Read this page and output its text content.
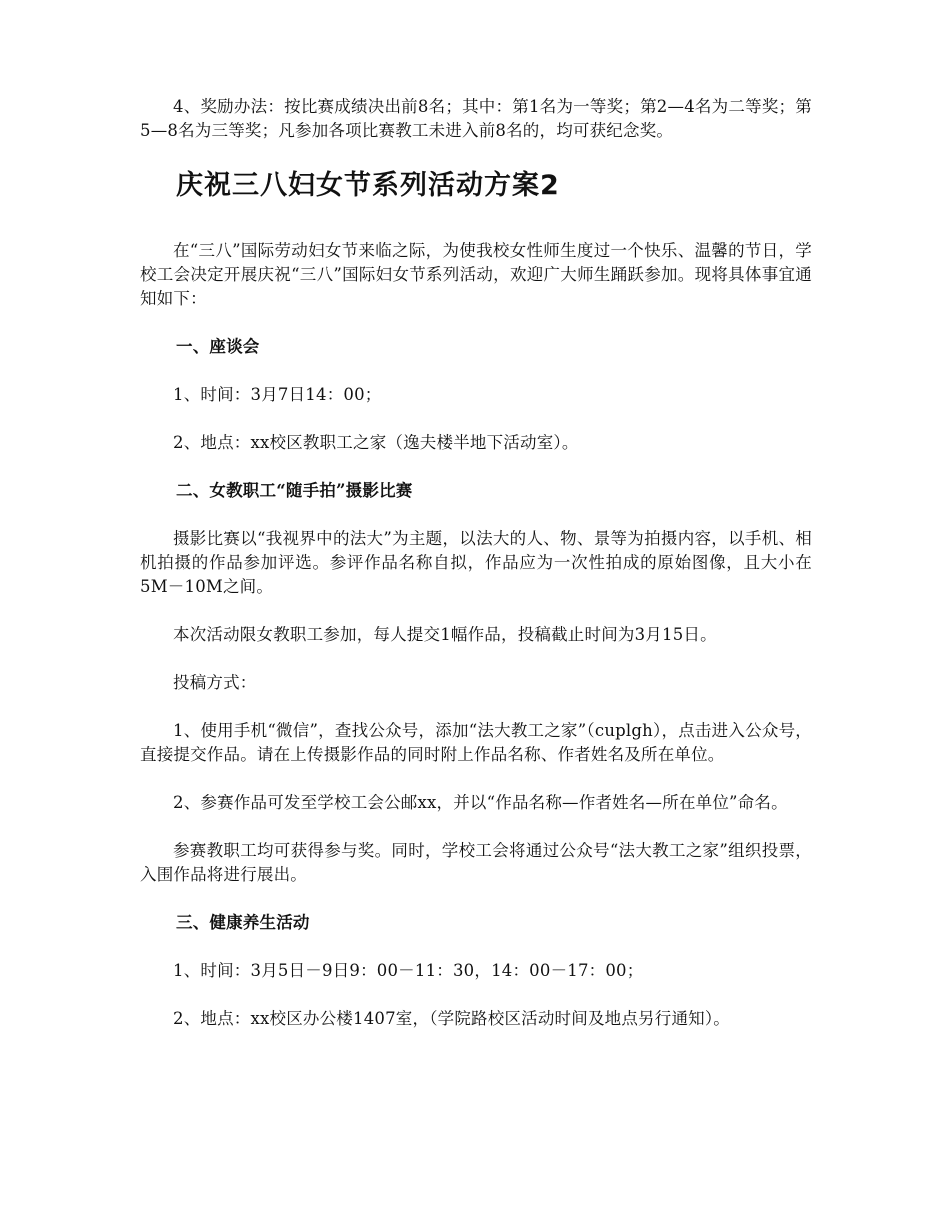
4、奖励办法：按比赛成绩决出前8名；其中：第1名为一等奖；第2—4名为二等奖；第5—8名为三等奖；凡参加各项比赛教工未进入前8名的，均可获纪念奖。

庆祝三八妇女节系列活动方案2

在“三八”国际劳动妇女节来临之际，为使我校女性师生度过一个快乐、温馨的节日，学校工会决定开展庆祝“三八”国际妇女节系列活动，欢迎广大师生踊跃参加。现将具体事宜通知如下：

一、座谈会

1、时间：3月7日14：00；

2、地点：xx校区教职工之家（逸夫楼半地下活动室）。

二、女教职工“随手拍”摄影比赛

摄影比赛以“我视界中的法大”为主题，以法大的人、物、景等为拍摄内容，以手机、相机拍摄的作品参加评选。参评作品名称自拟，作品应为一次性拍成的原始图像，且大小在5M－10M之间。

本次活动限女教职工参加，每人提交1幅作品，投稿截止时间为3月15日。

投稿方式：

1、使用手机“微信”，查找公众号，添加“法大教工之家”（cuplgh），点击进入公众号，直接提交作品。请在上传摄影作品的同时附上作品名称、作者姓名及所在单位。

2、参赛作品可发至学校工会公邮xx，并以“作品名称—作者姓名—所在单位”命名。

参赛教职工均可获得参与奖。同时，学校工会将通过公众号“法大教工之家”组织投票，入围作品将进行展出。

三、健康养生活动

1、时间：3月5日－9日9：00－11：30，14：00－17：00；

2、地点：xx校区办公楼1407室，（学院路校区活动时间及地点另行通知）。
